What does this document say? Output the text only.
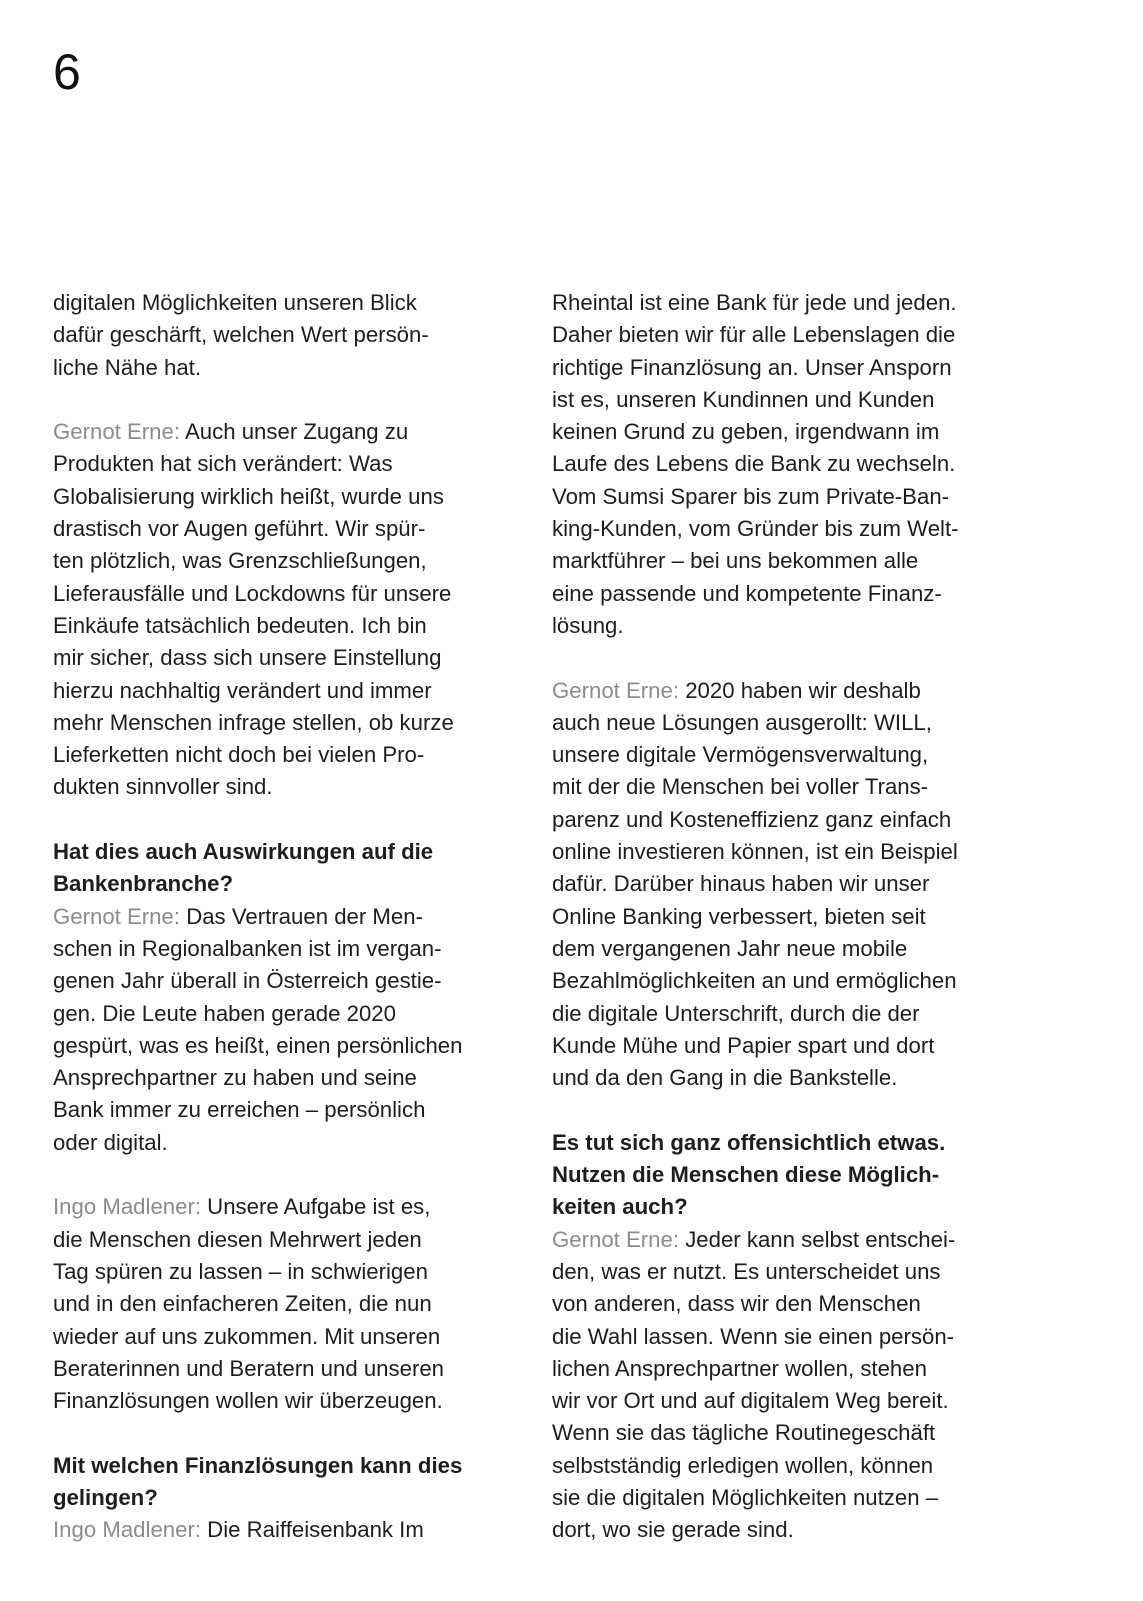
6
digitalen Möglichkeiten unseren Blick
dafür geschärft, welchen Wert persön-
liche Nähe hat.
Gernot Erne: Auch unser Zugang zu
Produkten hat sich verändert: Was
Globalisierung wirklich heißt, wurde uns
drastisch vor Augen geführt. Wir spür-
ten plötzlich, was Grenzschließungen,
Lieferausfälle und Lockdowns für unsere
Einkäufe tatsächlich bedeuten. Ich bin
mir sicher, dass sich unsere Einstellung
hierzu nachhaltig verändert und immer
mehr Menschen infrage stellen, ob kurze
Lieferketten nicht doch bei vielen Pro-
dukten sinnvoller sind.
Hat dies auch Auswirkungen auf die
Bankenbranche?
Gernot Erne: Das Vertrauen der Men-
schen in Regionalbanken ist im vergan-
genen Jahr überall in Österreich gestie-
gen. Die Leute haben gerade 2020
gespürt, was es heißt, einen persönlichen
Ansprechpartner zu haben und seine
Bank immer zu erreichen – persönlich
oder digital.
Ingo Madlener: Unsere Aufgabe ist es,
die Menschen diesen Mehrwert jeden
Tag spüren zu lassen – in schwierigen
und in den einfacheren Zeiten, die nun
wieder auf uns zukommen. Mit unseren
Beraterinnen und Beratern und unseren
Finanzlösungen wollen wir überzeugen.
Mit welchen Finanzlösungen kann dies
gelingen?
Ingo Madlener: Die Raiffeisenbank Im
Rheintal ist eine Bank für jede und jeden.
Daher bieten wir für alle Lebenslagen die
richtige Finanzlösung an. Unser Ansporn
ist es, unseren Kundinnen und Kunden
keinen Grund zu geben, irgendwann im
Laufe des Lebens die Bank zu wechseln.
Vom Sumsi Sparer bis zum Private-Ban-
king-Kunden, vom Gründer bis zum Welt-
marktführer – bei uns bekommen alle
eine passende und kompetente Finanz-
lösung.
Gernot Erne: 2020 haben wir deshalb
auch neue Lösungen ausgerollt: WILL,
unsere digitale Vermögensverwaltung,
mit der die Menschen bei voller Trans-
parenz und Kosteneffizienz ganz einfach
online investieren können, ist ein Beispiel
dafür. Darüber hinaus haben wir unser
Online Banking verbessert, bieten seit
dem vergangenen Jahr neue mobile
Bezahlmöglichkeiten an und ermöglichen
die digitale Unterschrift, durch die der
Kunde Mühe und Papier spart und dort
und da den Gang in die Bankstelle.
Es tut sich ganz offensichtlich etwas.
Nutzen die Menschen diese Möglich-
keiten auch?
Gernot Erne: Jeder kann selbst entschei-
den, was er nutzt. Es unterscheidet uns
von anderen, dass wir den Menschen
die Wahl lassen. Wenn sie einen persön-
lichen Ansprechpartner wollen, stehen
wir vor Ort und auf digitalem Weg bereit.
Wenn sie das tägliche Routinegeschäft
selbstständig erledigen wollen, können
sie die digitalen Möglichkeiten nutzen –
dort, wo sie gerade sind.
